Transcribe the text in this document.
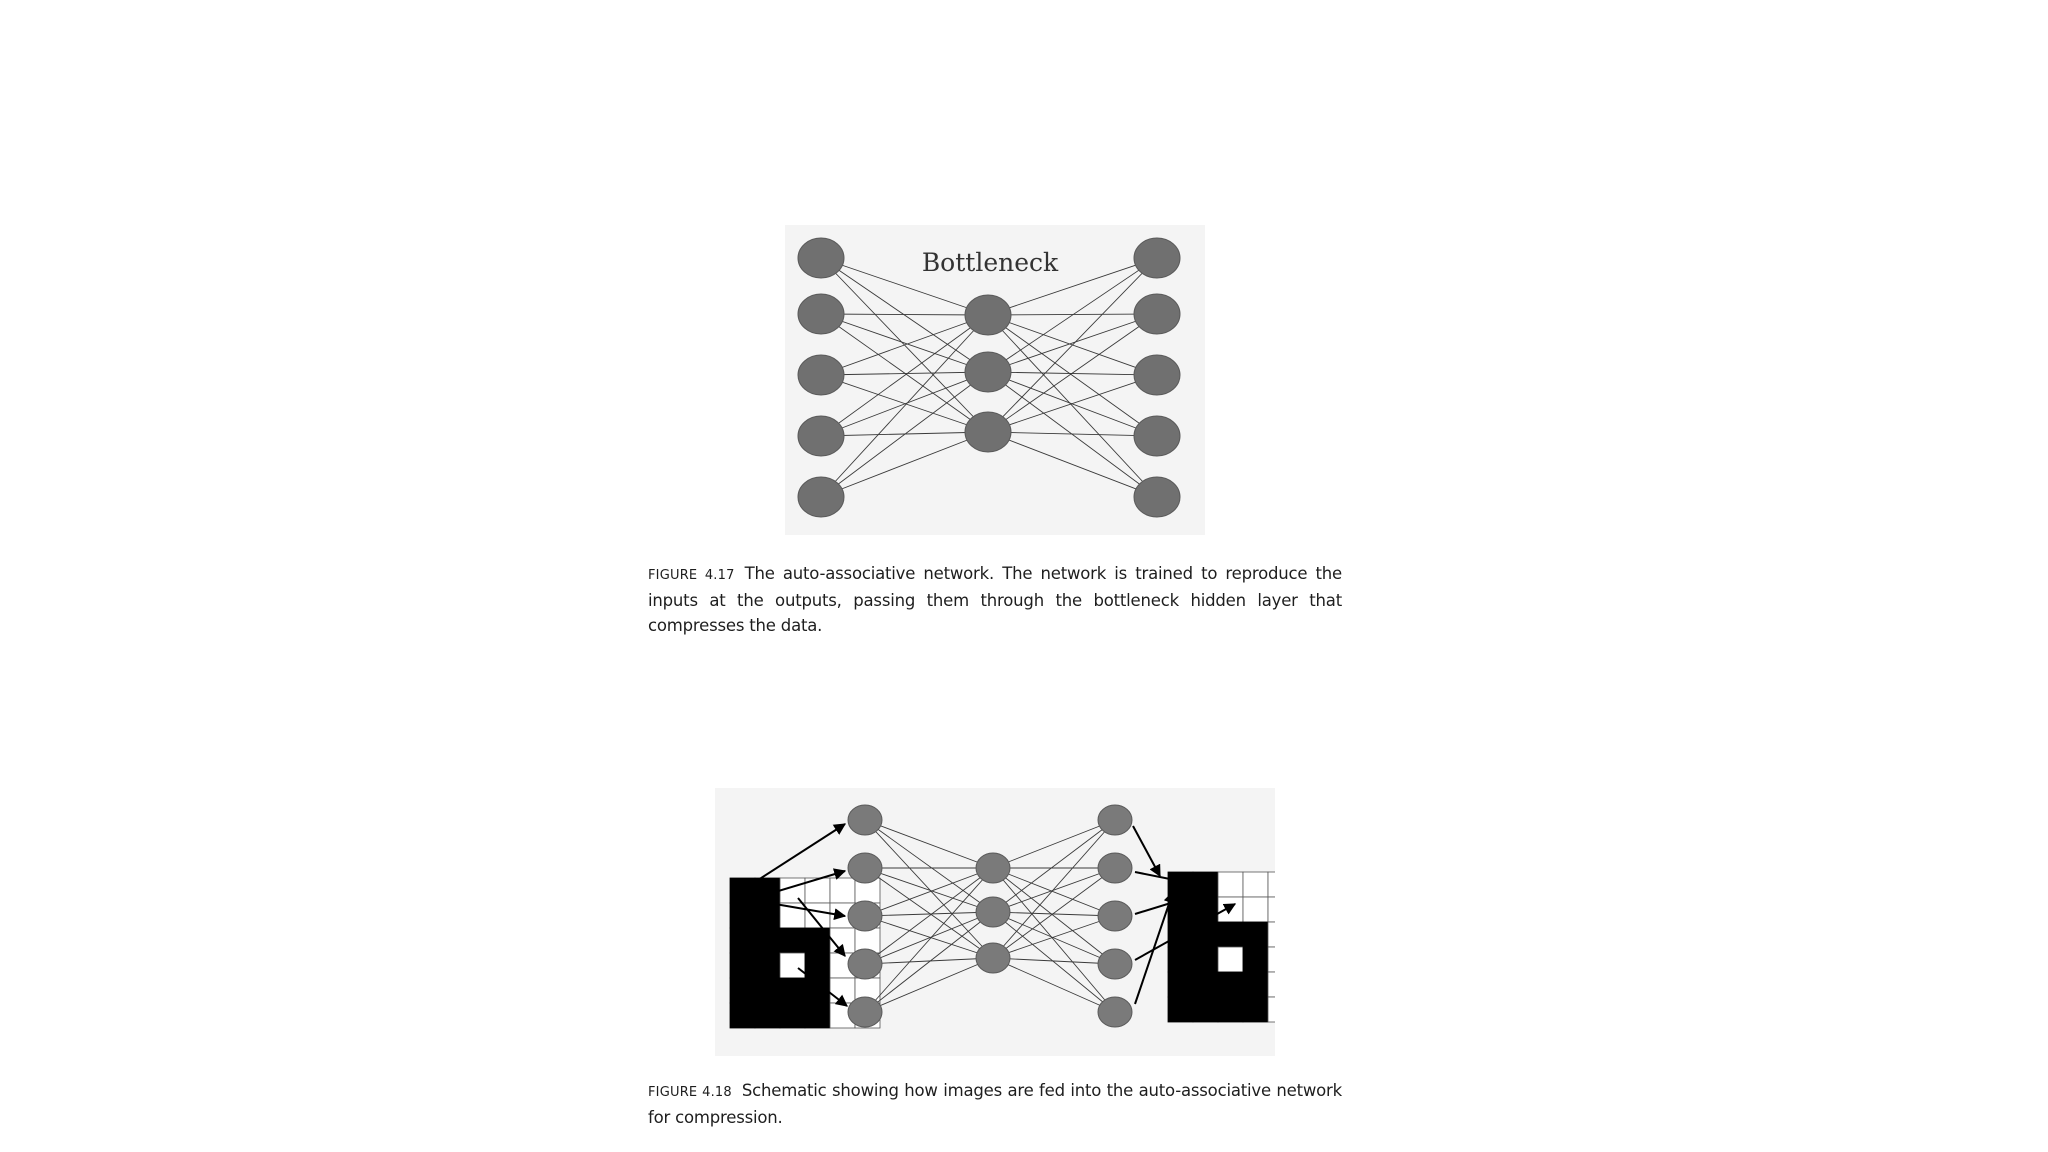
Bottleneck
FIGURE 4.17 The auto-associative network. The network is trained to reproduce the inputs at the outputs, passing them through the bottleneck hidden layer that compresses the data.
FIGURE 4.18 Schematic showing how images are fed into the auto-associative network for compression.
